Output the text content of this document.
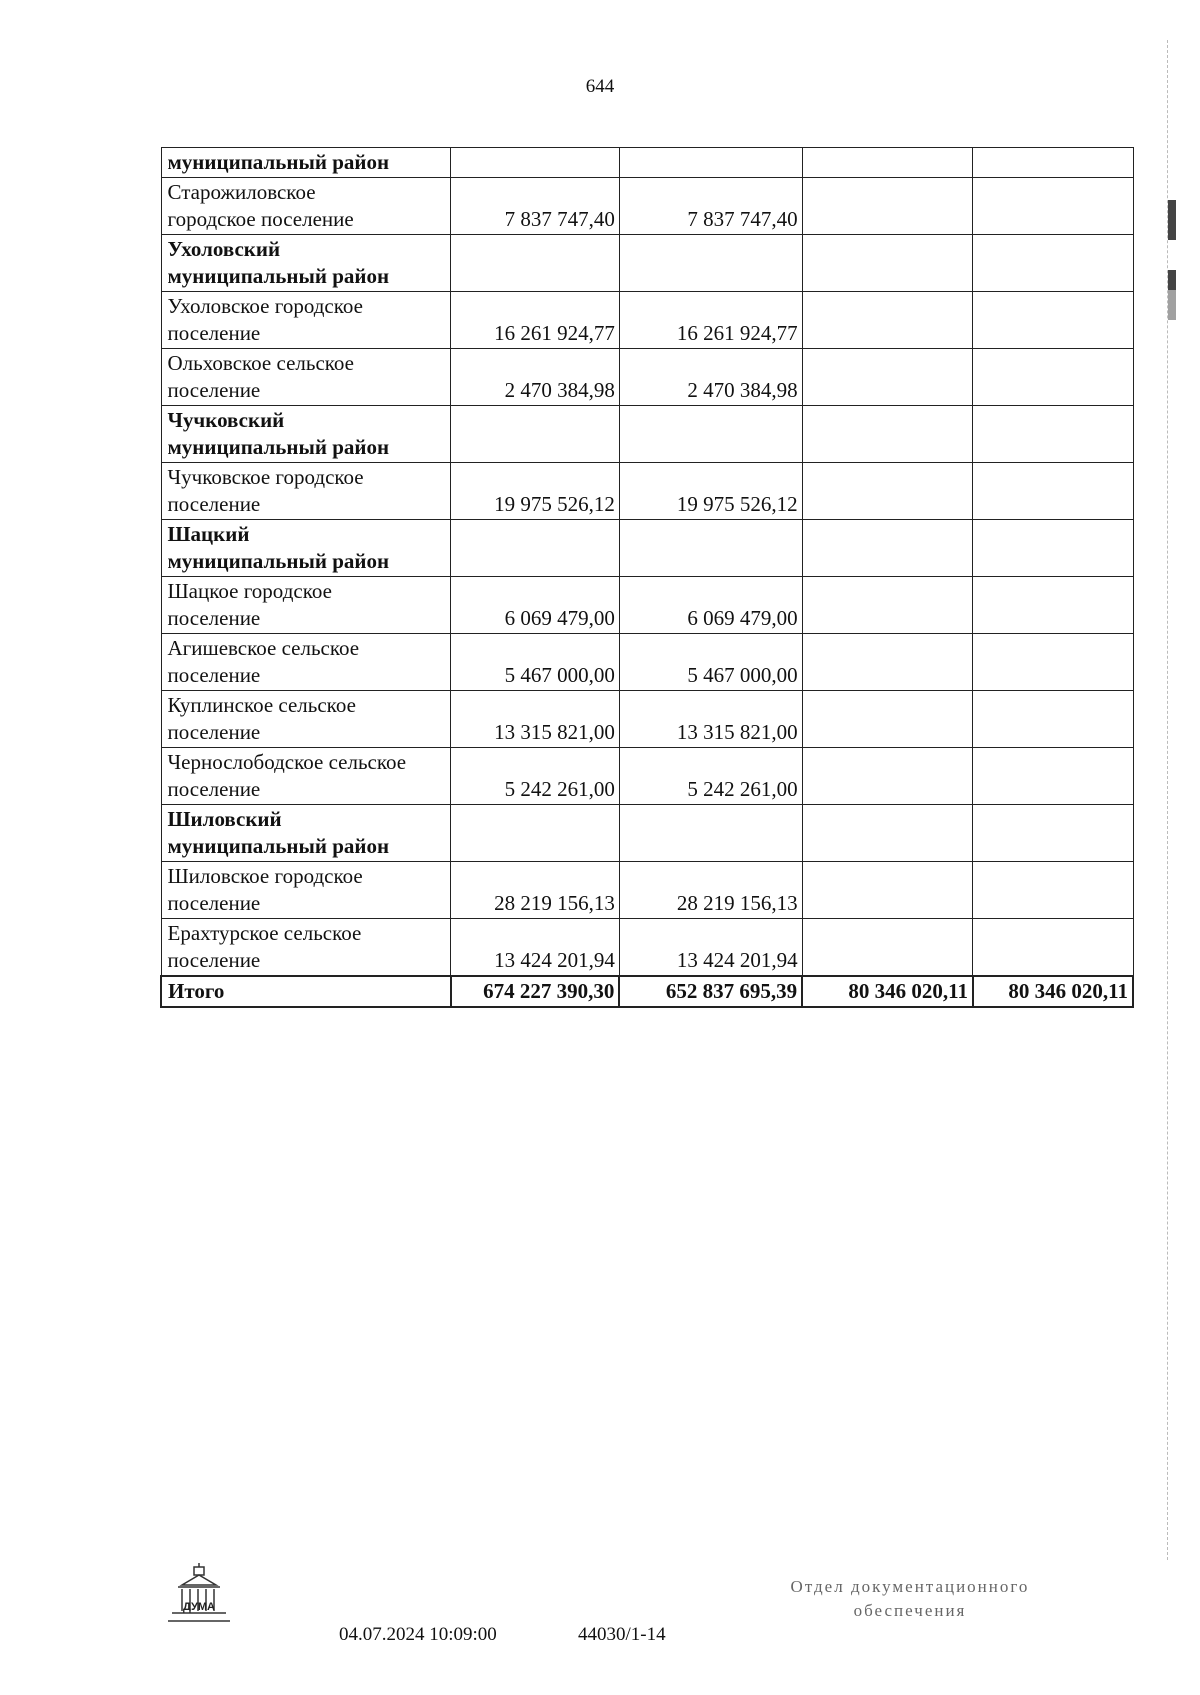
644
муниципальный район				

Старожиловское
городское поселение	7 837 747,40	7 837 747,40		

Ухоловский
муниципальный район				

Ухоловское городское
поселение	16 261 924,77	16 261 924,77		

Ольховское сельское
поселение	2 470 384,98	2 470 384,98		

Чучковский
муниципальный район				

Чучковское городское
поселение	19 975 526,12	19 975 526,12		

Шацкий
муниципальный район				

Шацкое городское
поселение	6 069 479,00	6 069 479,00		

Агишевское сельское
поселение	5 467 000,00	5 467 000,00		

Куплинское сельское
поселение	13 315 821,00	13 315 821,00		

Чернослободское сельское
поселение	5 242 261,00	5 242 261,00		

Шиловский
муниципальный район				

Шиловское городское
поселение	28 219 156,13	28 219 156,13		

Ерахтурское сельское
поселение	13 424 201,94	13 424 201,94		

Итого	674 227 390,30	652 837 695,39	80 346 020,11	80 346 020,11
ДУМА
04.07.2024 10:09:00	44030/1-14
Отдел документационного
обеспечения
